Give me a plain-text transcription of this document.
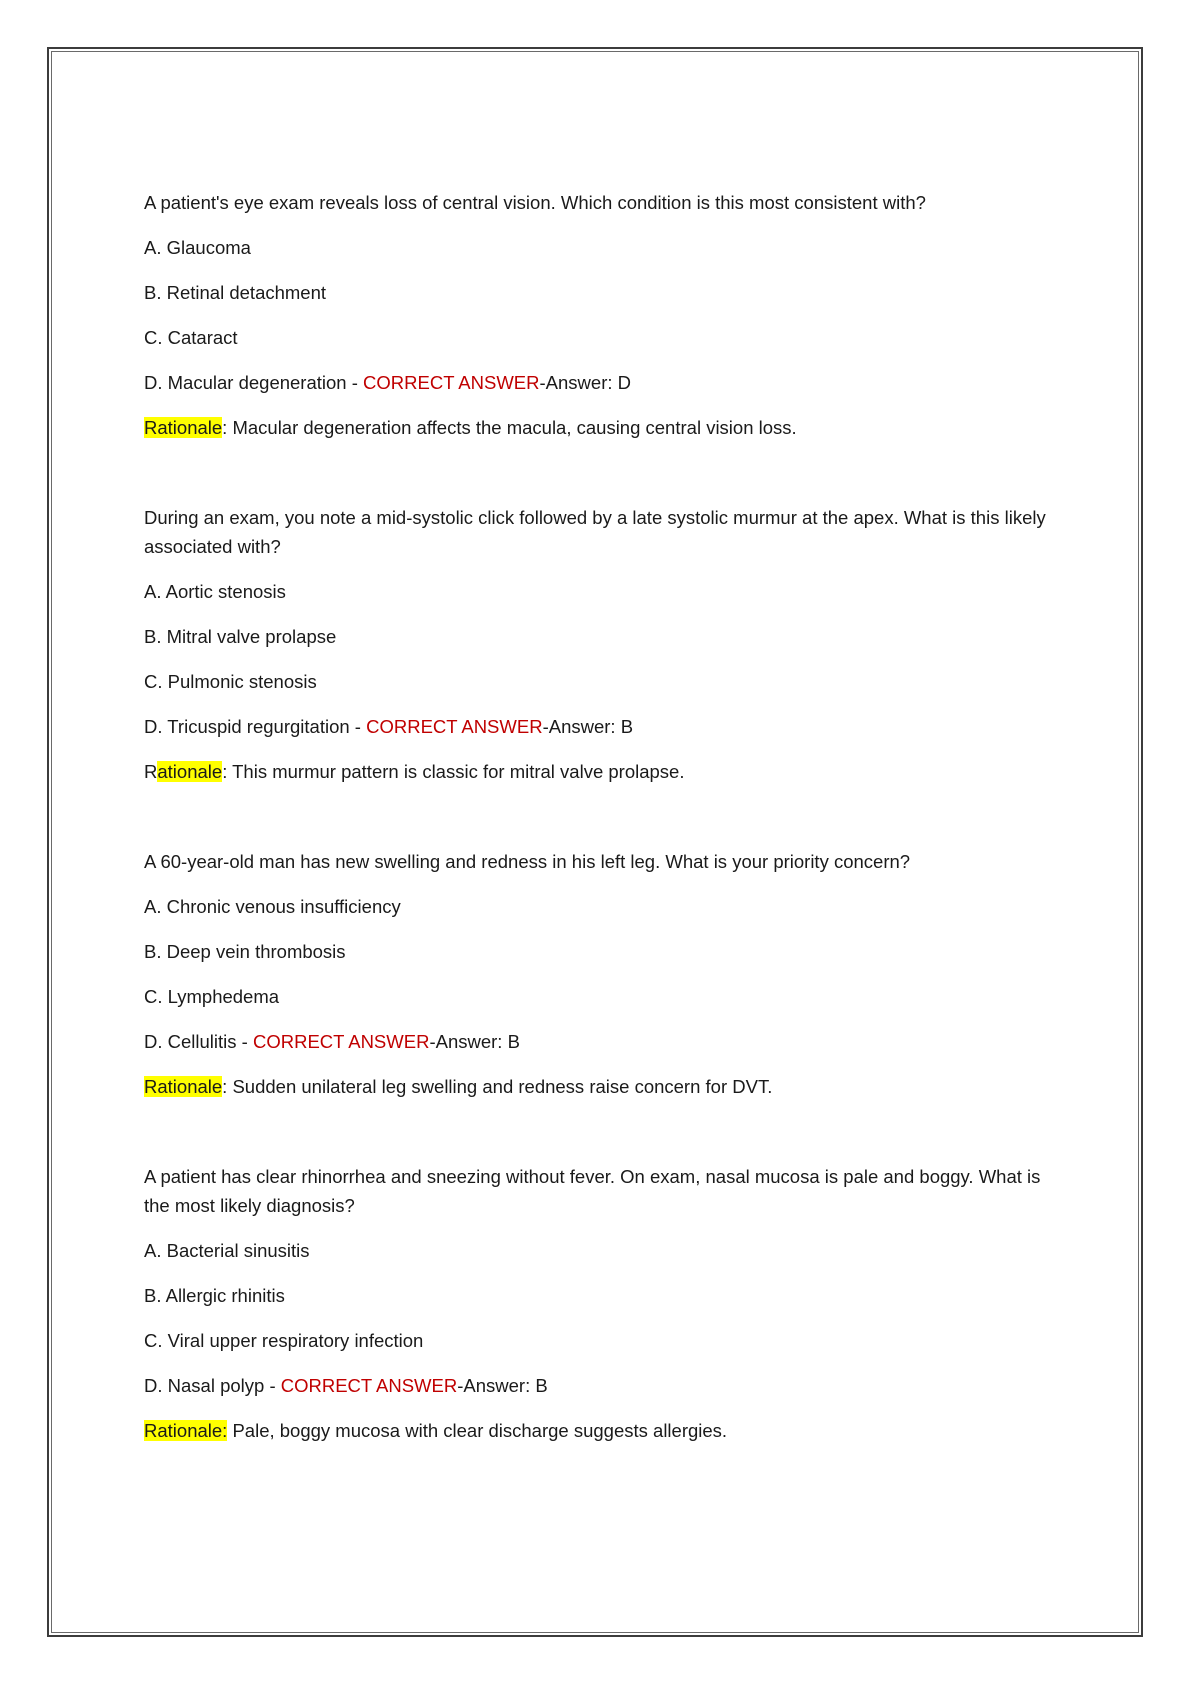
A patient's eye exam reveals loss of central vision. Which condition is this most consistent with?

A. Glaucoma

B. Retinal detachment

C. Cataract

D. Macular degeneration - CORRECT ANSWER-Answer: D

Rationale: Macular degeneration affects the macula, causing central vision loss.

During an exam, you note a mid-systolic click followed by a late systolic murmur at the apex. What is this likely associated with?

A. Aortic stenosis

B. Mitral valve prolapse

C. Pulmonic stenosis

D. Tricuspid regurgitation - CORRECT ANSWER-Answer: B

Rationale: This murmur pattern is classic for mitral valve prolapse.

A 60-year-old man has new swelling and redness in his left leg. What is your priority concern?

A. Chronic venous insufficiency

B. Deep vein thrombosis

C. Lymphedema

D. Cellulitis - CORRECT ANSWER-Answer: B

Rationale: Sudden unilateral leg swelling and redness raise concern for DVT.

A patient has clear rhinorrhea and sneezing without fever. On exam, nasal mucosa is pale and boggy. What is the most likely diagnosis?

A. Bacterial sinusitis

B. Allergic rhinitis

C. Viral upper respiratory infection

D. Nasal polyp - CORRECT ANSWER-Answer: B

Rationale: Pale, boggy mucosa with clear discharge suggests allergies.
